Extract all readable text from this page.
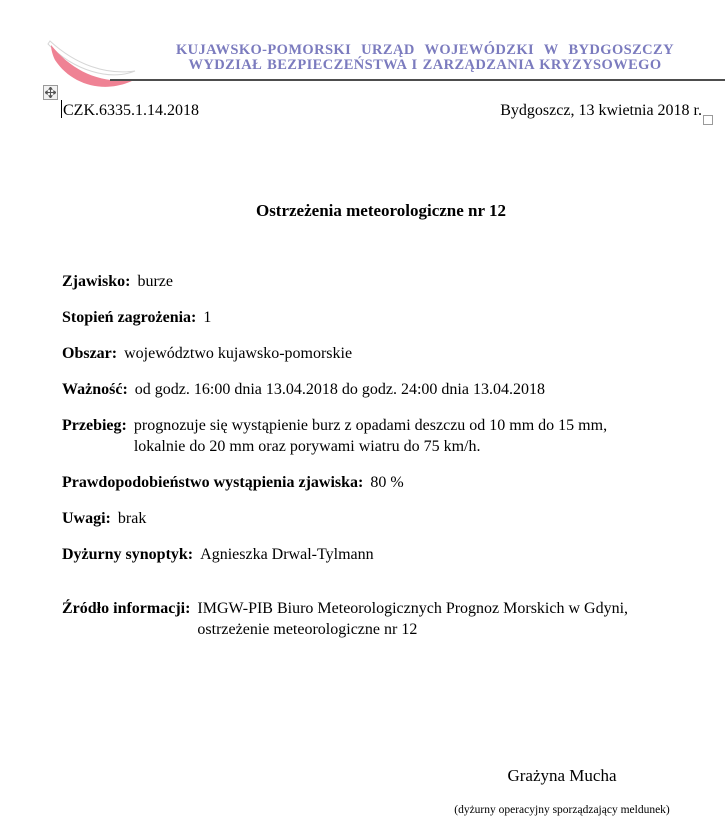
KUJAWSKO-POMORSKI URZĄD WOJEWÓDZKI W BYDGOSZCZY
WYDZIAŁ BEZPIECZEŃSTWA I ZARZĄDZANIA KRYZYSOWEGO
CZK.6335.1.14.2018	Bydgoszcz, 13 kwietnia 2018 r.
Ostrzeżenia meteorologiczne nr 12
Zjawisko: burze
Stopień zagrożenia: 1
Obszar: województwo kujawsko-pomorskie
Ważność: od godz. 16:00 dnia 13.04.2018 do godz. 24:00 dnia 13.04.2018
Przebieg: prognozuje się wystąpienie burz z opadami deszczu od 10 mm do 15 mm,
lokalnie do 20 mm oraz porywami wiatru do 75 km/h.
Prawdopodobieństwo wystąpienia zjawiska: 80 %
Uwagi: brak
Dyżurny synoptyk: Agnieszka Drwal-Tylmann
Źródło informacji: IMGW-PIB Biuro Meteorologicznych Prognoz Morskich w Gdyni,
ostrzeżenie meteorologiczne nr 12
Grażyna Mucha
(dyżurny operacyjny sporządzający meldunek)
